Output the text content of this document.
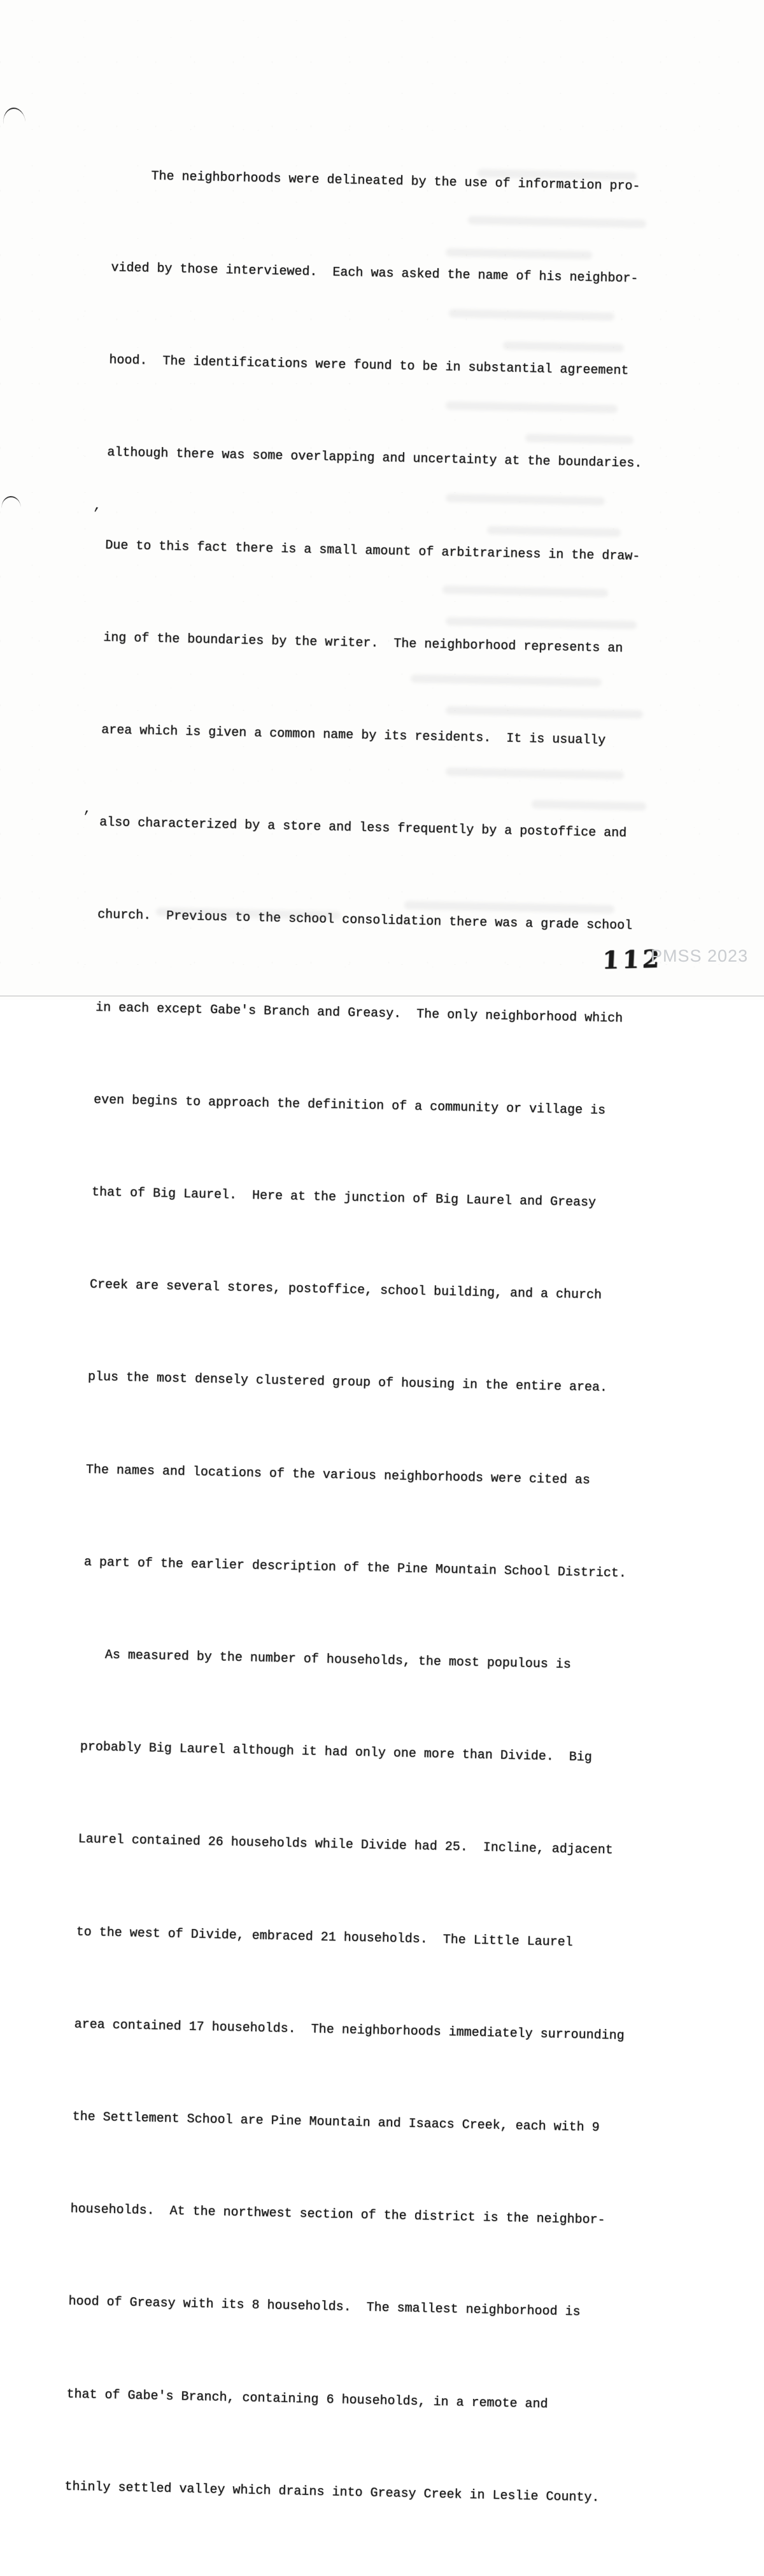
The neighborhoods were delineated by the use of information pro-

vided by those interviewed.  Each was asked the name of his neighbor-

hood.  The identifications were found to be in substantial agreement

although there was some overlapping and uncertainty at the boundaries.

Due to this fact there is a small amount of arbitrariness in the draw-

ing of the boundaries by the writer.  The neighborhood represents an

area which is given a common name by its residents.  It is usually

also characterized by a store and less frequently by a postoffice and

church.  Previous to the school consolidation there was a grade school

in each except Gabe's Branch and Greasy.  The only neighborhood which

even begins to approach the definition of a community or village is

that of Big Laurel.  Here at the junction of Big Laurel and Greasy

Creek are several stores, postoffice, school building, and a church

plus the most densely clustered group of housing in the entire area.

The names and locations of the various neighborhoods were cited as

a part of the earlier description of the Pine Mountain School District.

As measured by the number of households, the most populous is

probably Big Laurel although it had only one more than Divide.  Big

Laurel contained 26 households while Divide had 25.  Incline, adjacent

to the west of Divide, embraced 21 households.  The Little Laurel

area contained 17 households.  The neighborhoods immediately surrounding

the Settlement School are Pine Mountain and Isaacs Creek, each with 9

households.  At the northwest section of the district is the neighbor-

hood of Greasy with its 8 households.  The smallest neighborhood is

that of Gabe's Branch, containing 6 households, in a remote and

thinly settled valley which drains into Greasy Creek in Leslie County.

,
,
112
PMSS 2023
